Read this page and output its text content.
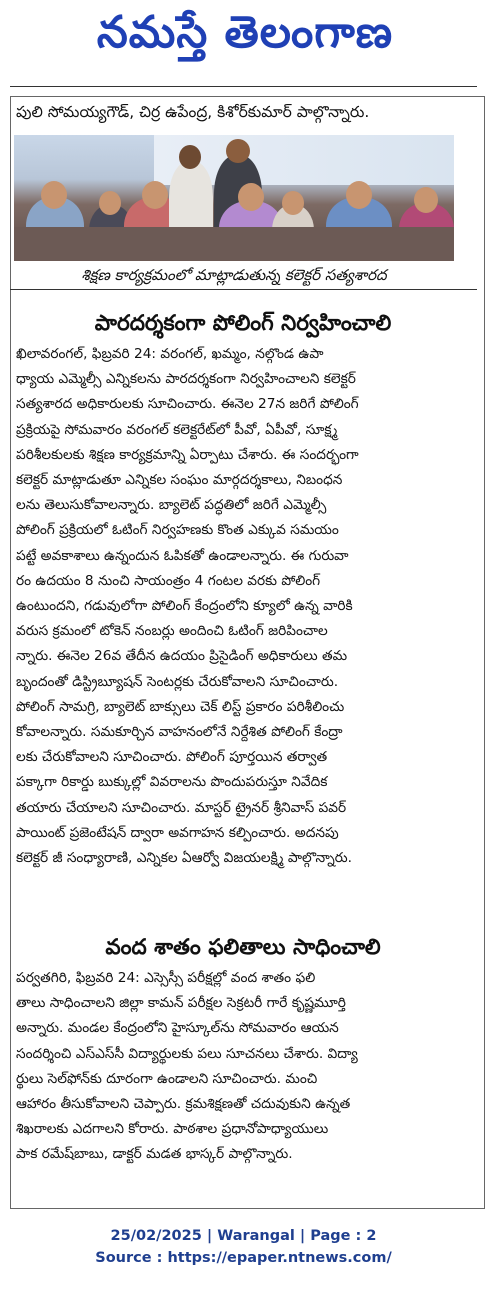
నమస్తే తెలంగాణ
పులి సోమయ్యగౌడ్, చిర్ర ఉపేంద్ర, కిశోర్‌కుమార్ పాల్గొన్నారు.
శిక్షణ కార్యక్రమంలో మాట్లాడుతున్న కలెక్టర్ సత్యశారద
పారదర్శకంగా పోలింగ్ నిర్వహించాలి
ఖిలావరంగల్, ఫిబ్రవరి 24: వరంగల్, ఖమ్మం, నల్గొండ ఉపా
ధ్యాయ ఎమ్మెల్సీ ఎన్నికలను పారదర్శకంగా నిర్వహించాలని కలెక్టర్
సత్యశారద అధికారులకు సూచించారు. ఈనెల 27న జరిగే పోలింగ్
ప్రక్రియపై సోమవారం వరంగల్ కలెక్టరేట్‌లో పీవో, ఏపీవో, సూక్ష్మ
పరిశీలకులకు శిక్షణ కార్యక్రమాన్ని ఏర్పాటు చేశారు. ఈ సందర్భంగా
కలెక్టర్ మాట్లాడుతూ ఎన్నికల సంఘం మార్గదర్శకాలు, నిబంధన
లను తెలుసుకోవాలన్నారు. బ్యాలెట్ పద్ధతిలో జరిగే ఎమ్మెల్సీ
పోలింగ్ ప్రక్రియలో ఓటింగ్ నిర్వహణకు కొంత ఎక్కువ సమయం
పట్టే అవకాశాలు ఉన్నందున ఓపికతో ఉండాలన్నారు. ఈ గురువా
రం ఉదయం 8 నుంచి సాయంత్రం 4 గంటల వరకు పోలింగ్
ఉంటుందని, గడువులోగా పోలింగ్ కేంద్రంలోని క్యూలో ఉన్న వారికి
వరుస క్రమంలో టోకెన్ నంబర్లు అందించి ఓటింగ్ జరిపించాల
న్నారు. ఈనెల 26వ తేదీన ఉదయం ప్రిసైడింగ్ అధికారులు తమ
బృందంతో డిస్ట్రిబ్యూషన్ సెంటర్లకు చేరుకోవాలని సూచించారు.
పోలింగ్ సామగ్రి, బ్యాలెట్ బాక్సులు చెక్ లిస్ట్ ప్రకారం పరిశీలించు
కోవాలన్నారు. సమకూర్చిన వాహనంలోనే నిర్దేశిత పోలింగ్ కేంద్రా
లకు చేరుకోవాలని సూచించారు. పోలింగ్ పూర్తయిన తర్వాత
పక్కాగా రికార్డు బుక్కుల్లో వివరాలను పొందుపరుస్తూ నివేదిక
తయారు చేయాలని సూచించారు. మాస్టర్ ట్రైనర్ శ్రీనివాస్ పవర్
పాయింట్ ప్రజెంటేషన్ ద్వారా అవగాహన కల్పించారు. అదనపు
కలెక్టర్ జీ సంధ్యారాణి, ఎన్నికల ఏఆర్వో విజయలక్ష్మి పాల్గొన్నారు.
వంద శాతం ఫలితాలు సాధించాలి
పర్వతగిరి, ఫిబ్రవరి 24: ఎస్సెస్సీ పరీక్షల్లో వంద శాతం ఫలి
తాలు సాధించాలని జిల్లా కామన్ పరీక్షల సెక్రటరీ గారే కృష్ణమూర్తి
అన్నారు. మండల కేంద్రంలోని హైస్కూల్‌ను సోమవారం ఆయన
సందర్శించి ఎస్ఎస్‌సీ విద్యార్థులకు పలు సూచనలు చేశారు. విద్యా
ర్థులు సెల్‌ఫోన్‌కు దూరంగా ఉండాలని సూచించారు. మంచి
ఆహారం తీసుకోవాలని చెప్పారు. క్రమశిక్షణతో చదువుకుని ఉన్నత
శిఖరాలకు ఎదగాలని కోరారు. పాఠశాల ప్రధానోపాధ్యాయులు
పాక రమేష్‌బాబు, డాక్టర్ మడత భాస్కర్ పాల్గొన్నారు.
25/02/2025 | Warangal | Page : 2
Source : https://epaper.ntnews.com/
